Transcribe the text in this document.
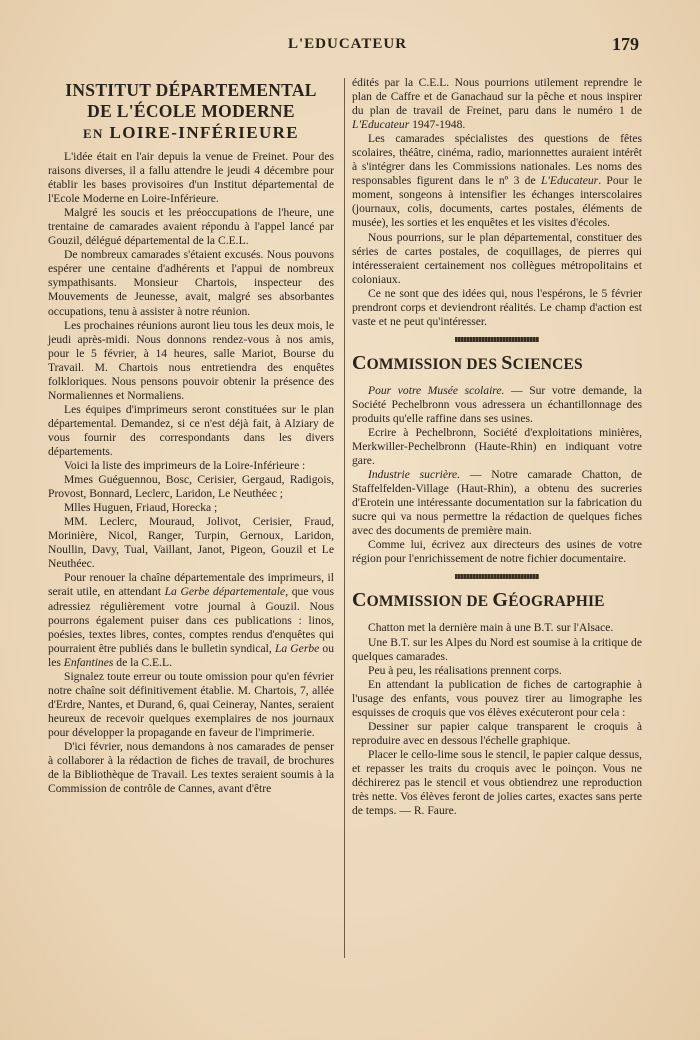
L'EDUCATEUR	179
INSTITUT DÉPARTEMENTAL
DE L'ÉCOLE MODERNE
EN LOIRE-INFÉRIEURE

L'idée était en l'air depuis la venue de Freinet. Pour des raisons diverses, il a fallu attendre le jeudi 4 décembre pour établir les bases provisoires d'un Institut départemental de l'Ecole Moderne en Loire-Inférieure.

Malgré les soucis et les préoccupations de l'heure, une trentaine de camarades avaient répondu à l'appel lancé par Gouzil, délégué départemental de la C.E.L.

De nombreux camarades s'étaient excusés. Nous pouvons espérer une centaine d'adhérents et l'appui de nombreux sympathisants. Monsieur Chartois, inspecteur des Mouvements de Jeunesse, avait, malgré ses absorbantes occupations, tenu à assister à notre réunion.

Les prochaines réunions auront lieu tous les deux mois, le jeudi après-midi. Nous donnons rendez-vous à nos amis, pour le 5 février, à 14 heures, salle Mariot, Bourse du Travail. M. Chartois nous entretiendra des enquêtes folkloriques. Nous pensons pouvoir obtenir la présence des Normaliennes et Normaliens.

Les équipes d'imprimeurs seront constituées sur le plan départemental. Demandez, si ce n'est déjà fait, à Alziary de vous fournir des correspondants dans les divers départements.

Voici la liste des imprimeurs de la Loire-Inférieure :

Mmes Guéguennou, Bosc, Cerisier, Gergaud, Radigois, Provost, Bonnard, Leclerc, Laridon, Le Neuthéec ;

Mlles Huguen, Friaud, Horecka ;

MM. Leclerc, Mouraud, Jolivot, Cerisier, Fraud, Morinière, Nicol, Ranger, Turpin, Gernoux, Laridon, Noullin, Davy, Tual, Vaillant, Janot, Pigeon, Gouzil et Le Neuthéec.

Pour renouer la chaîne départementale des imprimeurs, il serait utile, en attendant La Gerbe départementale, que vous adressiez régulièrement votre journal à Gouzil. Nous pourrons également puiser dans ces publications : linos, poésies, textes libres, contes, comptes rendus d'enquêtes qui pourraient être publiés dans le bulletin syndical, La Gerbe ou les Enfantines de la C.E.L.

Signalez toute erreur ou toute omission pour qu'en février notre chaîne soit définitivement établie. M. Chartois, 7, allée d'Erdre, Nantes, et Durand, 6, quai Ceineray, Nantes, seraient heureux de recevoir quelques exemplaires de nos journaux pour développer la propagande en faveur de l'imprimerie.

D'ici février, nous demandons à nos camarades de penser à collaborer à la rédaction de fiches de travail, de brochures de la Bibliothèque de Travail. Les textes seraient soumis à la Commission de contrôle de Cannes, avant d'être

édités par la C.E.L. Nous pourrions utilement reprendre le plan de Caffre et de Ganachaud sur la pêche et nous inspirer du plan de travail de Freinet, paru dans le numéro 1 de L'Educateur 1947-1948.

Les camarades spécialistes des questions de fêtes scolaires, théâtre, cinéma, radio, marionnettes auraient intérêt à s'intégrer dans les Commissions nationales. Les noms des responsables figurent dans le nº 3 de L'Educateur. Pour le moment, songeons à intensifier les échanges interscolaires (journaux, colis, documents, cartes postales, éléments de musée), les sorties et les enquêtes et les visites d'écoles.

Nous pourrions, sur le plan départemental, constituer des séries de cartes postales, de coquillages, de pierres qui intéresseraient certainement nos collègues métropolitains et coloniaux.

Ce ne sont que des idées qui, nous l'espérons, le 5 février prendront corps et deviendront réalités. Le champ d'action est vaste et ne peut qu'intéresser.

COMMISSION DES SCIENCES

Pour votre Musée scolaire. — Sur votre demande, la Société Pechelbronn vous adressera un échantillonnage des produits qu'elle raffine dans ses usines.

Ecrire à Pechelbronn, Société d'exploitations minières, Merkwiller-Pechelbronn (Haute-Rhin) en indiquant votre gare.

Industrie sucrière. — Notre camarade Chatton, de Staffelfelden-Village (Haut-Rhin), a obtenu des sucreries d'Erotein une intéressante documentation sur la fabrication du sucre qui va nous permettre la rédaction de quelques fiches avec des documents de première main.

Comme lui, écrivez aux directeurs des usines de votre région pour l'enrichissement de notre fichier documentaire.

COMMISSION DE GÉOGRAPHIE

Chatton met la dernière main à une B.T. sur l'Alsace.

Une B.T. sur les Alpes du Nord est soumise à la critique de quelques camarades.

Peu à peu, les réalisations prennent corps.

En attendant la publication de fiches de cartographie à l'usage des enfants, vous pouvez tirer au limographe les esquisses de croquis que vos élèves exécuteront pour cela :

Dessiner sur papier calque transparent le croquis à reproduire avec en dessous l'échelle graphique.

Placer le cello-lime sous le stencil, le papier calque dessus, et repasser les traits du croquis avec le poinçon. Vous ne déchirerez pas le stencil et vous obtiendrez une reproduction très nette. Vos élèves feront de jolies cartes, exactes sans perte de temps. — R. Faure.
